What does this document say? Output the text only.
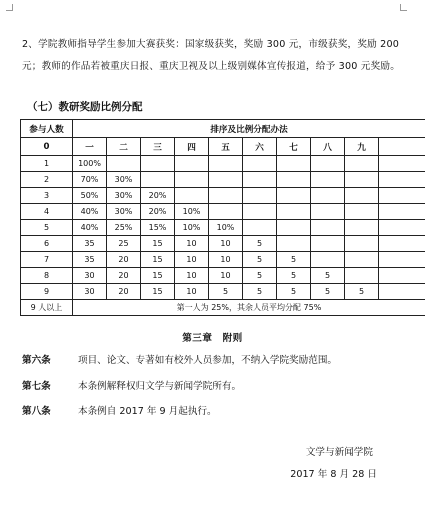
2、学院教师指导学生参加大赛获奖：国家级获奖，奖励 300 元，市级获奖，奖励 200 元；教师的作品若被重庆日报、重庆卫视及以上级别媒体宣传报道，给予 300 元奖励。
（七）教研奖励比例分配
参与人数	排序及比例分配办法									
0	一	二	三	四	五	六	七	八	九	
1	100%									
2	70%	30%								
3	50%	30%	20%							
4	40%	30%	20%	10%						
5	40%	25%	15%	10%	10%					
6	35	25	15	10	10	5				
7	35	20	15	10	10	5	5			
8	30	20	15	10	10	5	5	5		
9	30	20	15	10	5	5	5	5	5	
9 人以上	第一人为 25%，其余人员平均分配 75%									
第三章　附则
第六条	项目、论文、专著如有校外人员参加，不纳入学院奖励范围。
第七条	本条例解释权归文学与新闻学院所有。
第八条	本条例自 2017 年 9 月起执行。
文学与新闻学院
2017 年 8 月 28 日
